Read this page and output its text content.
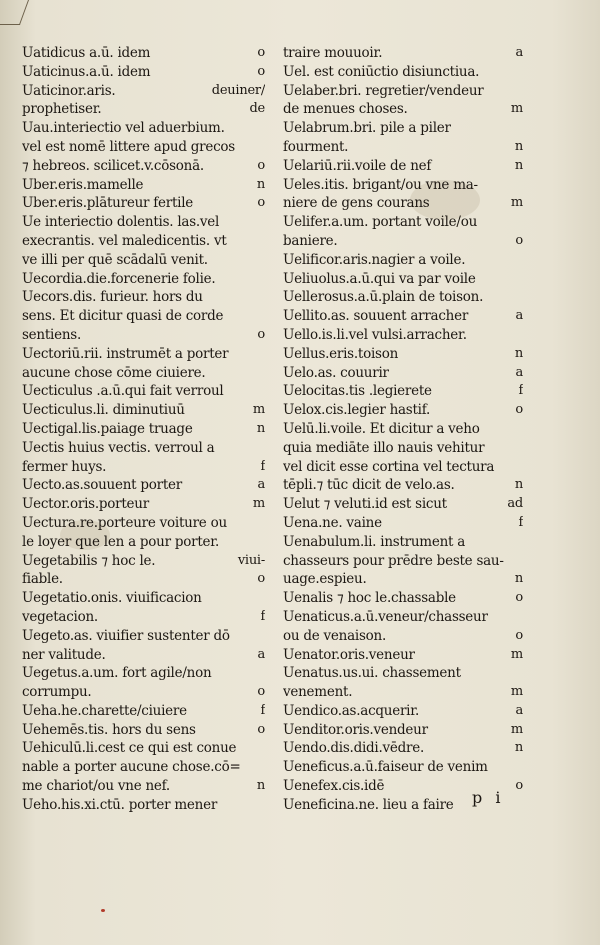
Uatidicus a.ū. idem	o
Uaticinus.a.ū. idem	o
Uaticinor.aris.	deuiner/
prophetiser.	de
Uau.interiectio vel aduerbium.
vel est nomē littere apud grecos
⁊ hebreos. scilicet.v.cōsonā.	o
Uber.eris.mamelle	n
Uber.eris.plātureur fertile	o
Ue interiectio dolentis. las.vel
execrantis. vel maledicentis. vt
ve illi per quē scādalū venit.
Uecordia.die.forcenerie folie.
Uecors.dis. furieur. hors du
sens. Et dicitur quasi de corde
sentiens.	o
Uectoriū.rii. instrumēt a porter
aucune chose cōme ciuiere.
Uecticulus .a.ū.qui fait verroul
Uecticulus.li. diminutiuū	m
Uectigal.lis.paiage truage	n
Uectis huius vectis. verroul a
fermer huys.	f
Uecto.as.souuent porter	a
Uector.oris.porteur	m
Uectura.re.porteure voiture ou
le loyer que len a pour porter.
Uegetabilis ⁊ hoc le.	viui-
fiable.	o
Uegetatio.onis. viuificacion
vegetacion.	f
Uegeto.as. viuifier sustenter dō
ner valitude.	a
Uegetus.a.um. fort agile/non
corrumpu.	o
Ueha.he.charette/ciuiere	f
Uehemēs.tis. hors du sens	o
Uehiculū.li.cest ce qui est conue
nable a porter aucune chose.cō=
me chariot/ou vne nef.	n
Ueho.his.xi.ctū. porter mener
traire mouuoir.	a
Uel. est coniūctio disiunctiua.
Uelaber.bri. regretier/vendeur
de menues choses.	m
Uelabrum.bri. pile a piler
fourment.	n
Uelariū.rii.voile de nef	n
Ueles.itis. brigant/ou vne ma-
niere de gens courans	m
Uelifer.a.um. portant voile/ou
baniere.	o
Uelificor.aris.nagier a voile.
Ueliuolus.a.ū.qui va par voile
Uellerosus.a.ū.plain de toison.
Uellito.as. souuent arracher	a
Uello.is.li.vel vulsi.arracher.
Uellus.eris.toison	n
Uelo.as. couurir	a
Uelocitas.tis .legierete	f
Uelox.cis.legier hastif.	o
Uelū.li.voile. Et dicitur a veho
quia mediāte illo nauis vehitur
vel dicit esse cortina vel tectura
tēpli.⁊ tūc dicit de velo.as.	n
Uelut ⁊ veluti.id est sicut	ad
Uena.ne. vaine	f
Uenabulum.li. instrument a
chasseurs pour prēdre beste sau-
uage.espieu.	n
Uenalis ⁊ hoc le.chassable	o
Uenaticus.a.ū.veneur/chasseur
ou de venaison.	o
Uenator.oris.veneur	m
Uenatus.us.ui. chassement
venement.	m
Uendico.as.acquerir.	a
Uenditor.oris.vendeur	m
Uendo.dis.didi.vēdre.	n
Ueneficus.a.ū.faiseur de venim
Uenefex.cis.idē	o
Ueneficina.ne. lieu a faire	p i
